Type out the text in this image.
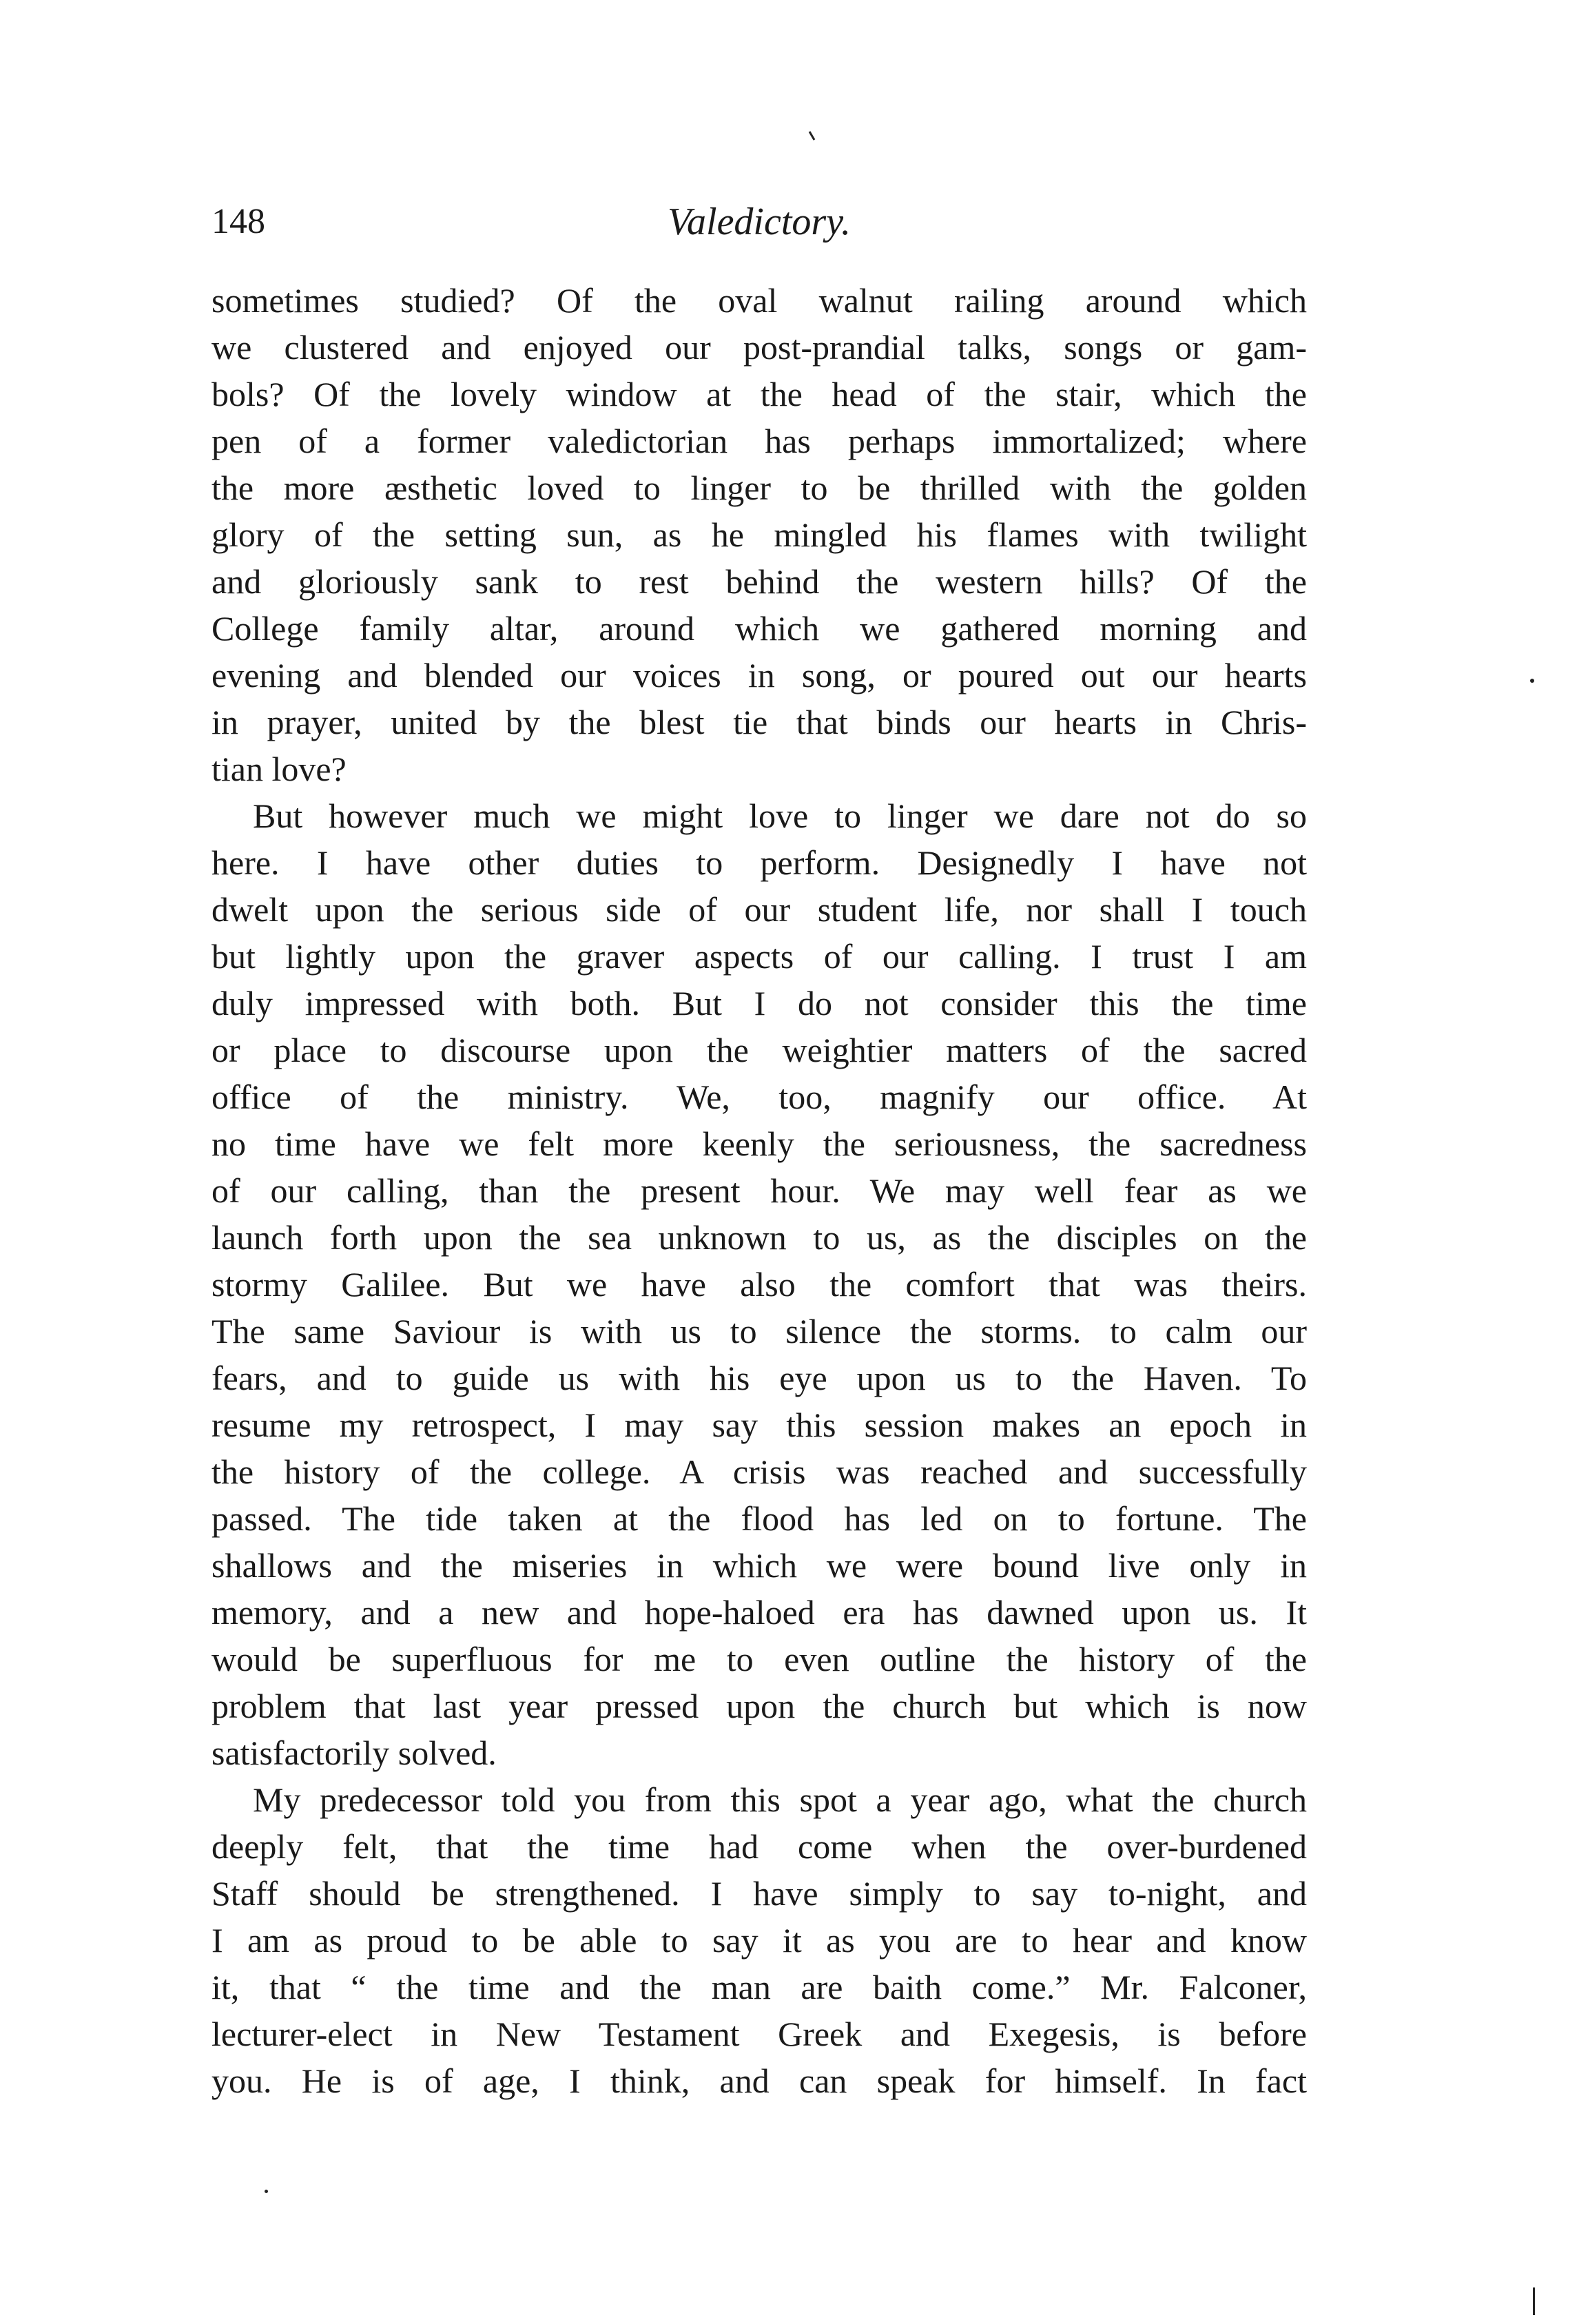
148	Valedictory.
sometimes studied? Of the oval walnut railing around which
we clustered and enjoyed our post-prandial talks, songs or gam-
bols? Of the lovely window at the head of the stair, which the
pen of a former valedictorian has perhaps immortalized; where
the more æsthetic loved to linger to be thrilled with the golden
glory of the setting sun, as he mingled his flames with twilight
and gloriously sank to rest behind the western hills? Of the
College family altar, around which we gathered morning and
evening and blended our voices in song, or poured out our hearts
in prayer, united by the blest tie that binds our hearts in Chris-
tian love?
But however much we might love to linger we dare not do so
here. I have other duties to perform. Designedly I have not
dwelt upon the serious side of our student life, nor shall I touch
but lightly upon the graver aspects of our calling. I trust I am
duly impressed with both. But I do not consider this the time
or place to discourse upon the weightier matters of the sacred
office of the ministry. We, too, magnify our office. At
no time have we felt more keenly the seriousness, the sacredness
of our calling, than the present hour. We may well fear as we
launch forth upon the sea unknown to us, as the disciples on the
stormy Galilee. But we have also the comfort that was theirs.
The same Saviour is with us to silence the storms. to calm our
fears, and to guide us with his eye upon us to the Haven. To
resume my retrospect, I may say this session makes an epoch in
the history of the college. A crisis was reached and successfully
passed. The tide taken at the flood has led on to fortune. The
shallows and the miseries in which we were bound live only in
memory, and a new and hope-haloed era has dawned upon us. It
would be superfluous for me to even outline the history of the
problem that last year pressed upon the church but which is now
satisfactorily solved.
My predecessor told you from this spot a year ago, what the church
deeply felt, that the time had come when the over-burdened
Staff should be strengthened. I have simply to say to-night, and
I am as proud to be able to say it as you are to hear and know
it, that “ the time and the man are baith come.” Mr. Falconer,
lecturer-elect in New Testament Greek and Exegesis, is before
you. He is of age, I think, and can speak for himself. In fact
